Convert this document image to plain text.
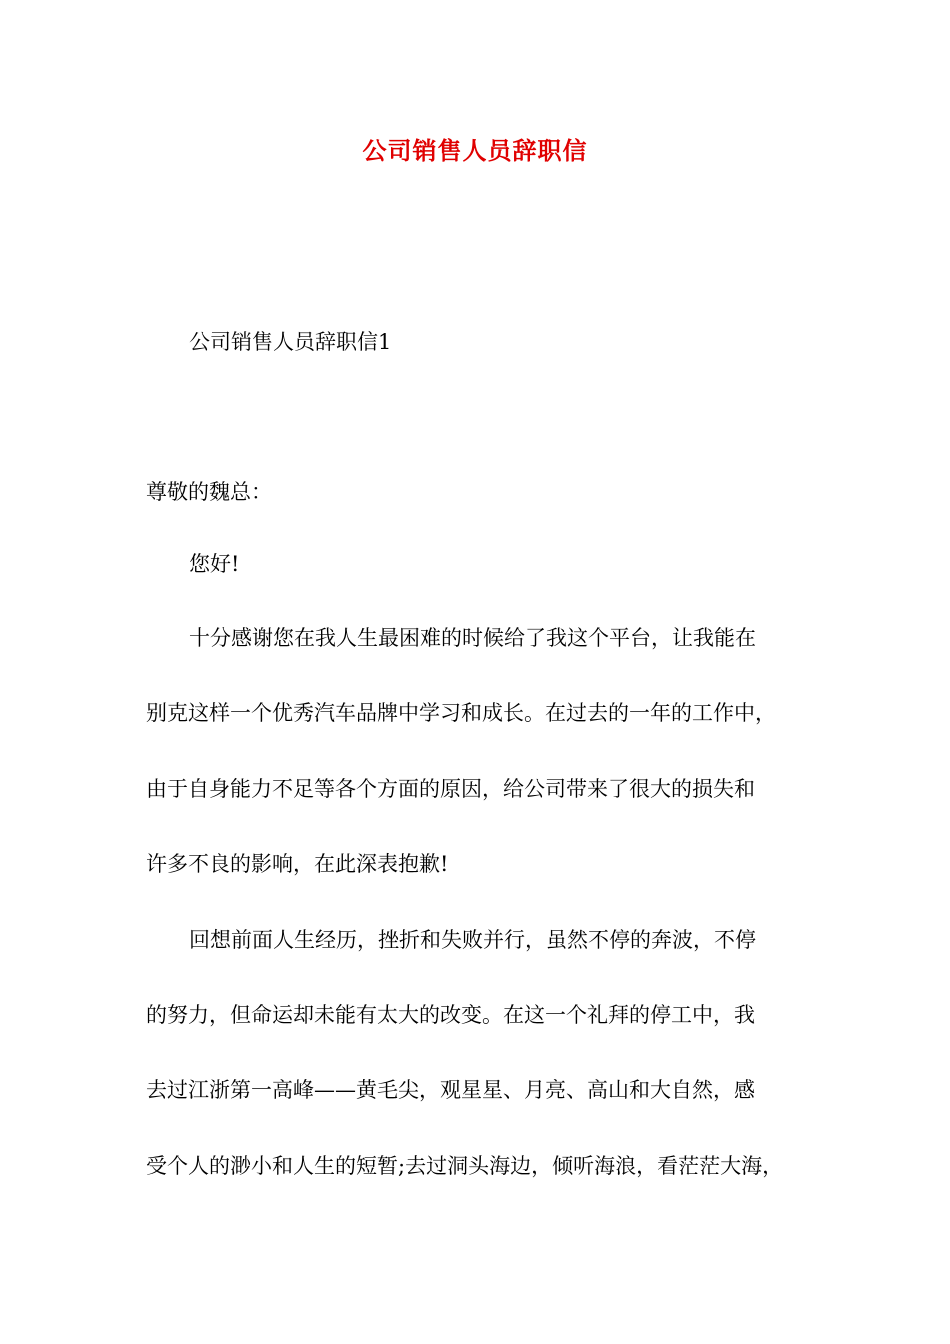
公司销售人员辞职信
公司销售人员辞职信1
尊敬的魏总：
您好!
十分感谢您在我人生最困难的时候给了我这个平台，让我能在
别克这样一个优秀汽车品牌中学习和成长。在过去的一年的工作中，
由于自身能力不足等各个方面的原因，给公司带来了很大的损失和
许多不良的影响，在此深表抱歉!
回想前面人生经历，挫折和失败并行，虽然不停的奔波，不停
的努力，但命运却未能有太大的改变。在这一个礼拜的停工中，我
去过江浙第一高峰——黄毛尖，观星星、月亮、高山和大自然，感
受个人的渺小和人生的短暂;去过洞头海边，倾听海浪，看茫茫大海，
